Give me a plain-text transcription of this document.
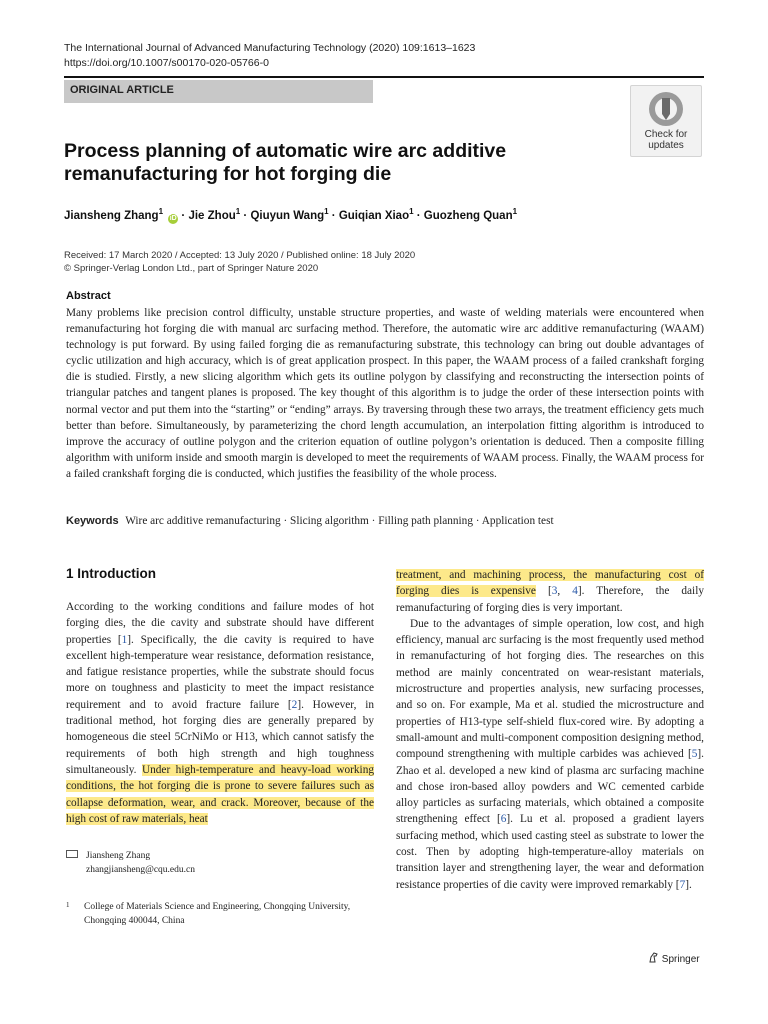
The International Journal of Advanced Manufacturing Technology (2020) 109:1613–1623
https://doi.org/10.1007/s00170-020-05766-0
ORIGINAL ARTICLE
Check for
updates
Process planning of automatic wire arc additive remanufacturing for hot forging die
Jiansheng Zhang$^1$ iD · Jie Zhou$^1$ · Qiuyun Wang$^1$ · Guiqian Xiao$^1$ · Guozheng Quan$^1$
Received: 17 March 2020 / Accepted: 13 July 2020 / Published online: 18 July 2020
© Springer-Verlag London Ltd., part of Springer Nature 2020
Abstract
Many problems like precision control difficulty, unstable structure properties, and waste of welding materials were encountered when remanufacturing hot forging die with manual arc surfacing method. Therefore, the automatic wire arc additive remanufacturing (WAAM) technology is put forward. By using failed forging die as remanufacturing substrate, this technology can bring out double advantages of cyclic utilization and high accuracy, which is of great application prospect. In this paper, the WAAM process of a failed crankshaft forging die is studied. Firstly, a new slicing algorithm which gets its outline polygon by classifying and reconstructing the intersection points of triangular patches and tangent planes is proposed. The key thought of this algorithm is to judge the order of these intersection points with normal vector and put them into the “starting” or “ending” arrays. By traversing through these two arrays, the treatment efficiency gets much better than before. Simultaneously, by parameterizing the chord length accumulation, an interpolation fitting algorithm is introduced to improve the accuracy of outline polygon and the criterion equation of outline polygon’s orientation is deduced. Then a composite filling algorithm with uniform inside and smooth margin is developed to meet the requirements of WAAM process. Finally, the WAAM process for a failed crankshaft forging die is conducted, which justifies the feasibility of the whole process.
Keywords Wire arc additive remanufacturing · Slicing algorithm · Filling path planning · Application test
1 Introduction

According to the working conditions and failure modes of hot forging dies, the die cavity and substrate should have different properties [1]. Specifically, the die cavity is required to have excellent high-temperature wear resistance, deformation resistance, and fatigue resistance properties, while the substrate should focus more on toughness and plasticity to meet the impact resistance requirement and to avoid fracture failure [2]. However, in traditional method, hot forging dies are generally prepared by homogeneous die steel 5CrNiMo or H13, which cannot satisfy the requirements of both high strength and high toughness simultaneously. Under high-temperature and heavy-load working conditions, the hot forging die is prone to severe failures such as collapse deformation, wear, and crack. Moreover, because of the high cost of raw materials, heat

treatment, and machining process, the manufacturing cost of forging dies is expensive [3, 4]. Therefore, the daily remanufacturing of forging dies is very important.

Due to the advantages of simple operation, low cost, and high efficiency, manual arc surfacing is the most frequently used method in remanufacturing of hot forging dies. The researches on this method are mainly concentrated on wear-resistant materials, microstructure and properties analysis, new surfacing processes, and so on. For example, Ma et al. studied the microstructure and properties of H13-type self-shield flux-cored wire. By adopting a small-amount and multi-component composition designing method, compound strengthening with multiple carbides was achieved [5]. Zhao et al. developed a new kind of plasma arc surfacing machine and chose iron-based alloy powders and WC cemented carbide alloy particles as surfacing materials, which obtained a composite strengthening effect [6]. Lu et al. proposed a gradient layers surfacing method, which used casting steel as substrate to lower the cost. Then by adopting high-temperature-alloy materials on transition layer and strengthening layer, the wear and deformation resistance properties of die cavity were improved remarkably [7].

Jiansheng Zhang
zhangjiansheng@cqu.edu.cn
1	College of Materials Science and Engineering, Chongqing University, Chongqing 400044, China
Springer
